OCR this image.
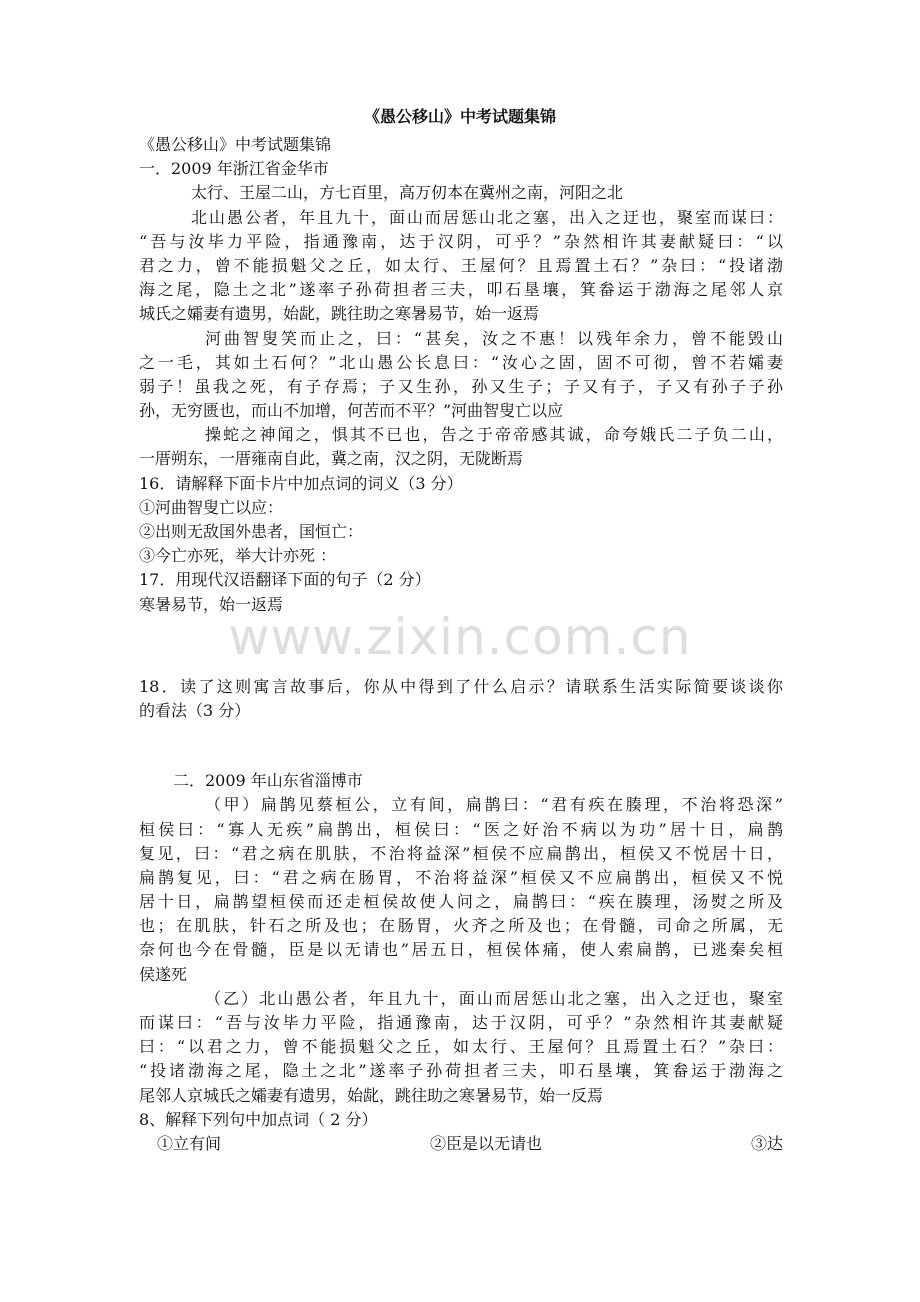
《愚公移山》中考试题集锦
《愚公移山》中考试题集锦
一．2009 年浙江省金华市
太行、王屋二山，方七百里，高万仞本在冀州之南，河阳之北
北山愚公者，年且九十，面山而居惩山北之塞，出入之迂也，聚室而谋曰：
“吾与汝毕力平险，指通豫南，达于汉阴，可乎？”杂然相许其妻献疑曰：“以
君之力，曾不能损魁父之丘，如太行、王屋何？且焉置土石？”杂曰：“投诸渤
海之尾，隐土之北”遂率子孙荷担者三夫，叩石垦壤，箕畚运于渤海之尾邻人京
城氏之孀妻有遗男，始龀，跳往助之寒暑易节，始一返焉
河曲智叟笑而止之，曰：“甚矣，汝之不惠！以残年余力，曾不能毁山
之一毛，其如土石何？”北山愚公长息曰：“汝心之固，固不可彻，曾不若孀妻
弱子！虽我之死，有子存焉；子又生孙，孙又生子；子又有子，子又有孙子子孙
孙，无穷匮也，而山不加增，何苦而不平？”河曲智叟亡以应
操蛇之神闻之，惧其不已也，告之于帝帝感其诚，命夸娥氏二子负二山，
一厝朔东，一厝雍南自此，冀之南，汉之阴，无陇断焉
16．请解释下面卡片中加点词的词义（3 分）
①河曲智叟亡以应：
②出则无敌国外患者，国恒亡：
③今亡亦死，举大计亦死 ：
17．用现代汉语翻译下面的句子（2 分）
寒暑易节，始一返焉
18．读了这则寓言故事后，你从中得到了什么启示？请联系生活实际简要谈谈你
的看法（3 分）
二．2009 年山东省淄博市
（甲）扁鹊见蔡桓公，立有间，扁鹊曰：“君有疾在腠理，不治将恐深”
桓侯曰：“寡人无疾”扁鹊出，桓侯曰：“医之好治不病以为功”居十日，扁鹊
复见，曰：“君之病在肌肤，不治将益深”桓侯不应扁鹊出，桓侯又不悦居十日，
扁鹊复见，曰：“君之病在肠胃，不治将益深”桓侯又不应扁鹊出，桓侯又不悦
居十日，扁鹊望桓侯而还走桓侯故使人问之，扁鹊曰：“疾在腠理，汤熨之所及
也；在肌肤，针石之所及也；在肠胃，火齐之所及也；在骨髓，司命之所属，无
奈何也今在骨髓，臣是以无请也”居五日，桓侯体痛，使人索扁鹊，已逃秦矣桓
侯遂死
（乙）北山愚公者，年且九十，面山而居惩山北之塞，出入之迂也，聚室
而谋曰：“吾与汝毕力平险，指通豫南，达于汉阴，可乎？”杂然相许其妻献疑
曰：“以君之力，曾不能损魁父之丘，如太行、王屋何？且焉置土石？”杂曰：
“投诸渤海之尾，隐土之北”遂率子孙荷担者三夫，叩石垦壤，箕畚运于渤海之
尾邻人京城氏之孀妻有遗男，始龀，跳往助之寒暑易节，始一反焉
8、解释下列句中加点词（ 2 分）
①立有间	②臣是以无请也	③达
www.zixin.com.cn
